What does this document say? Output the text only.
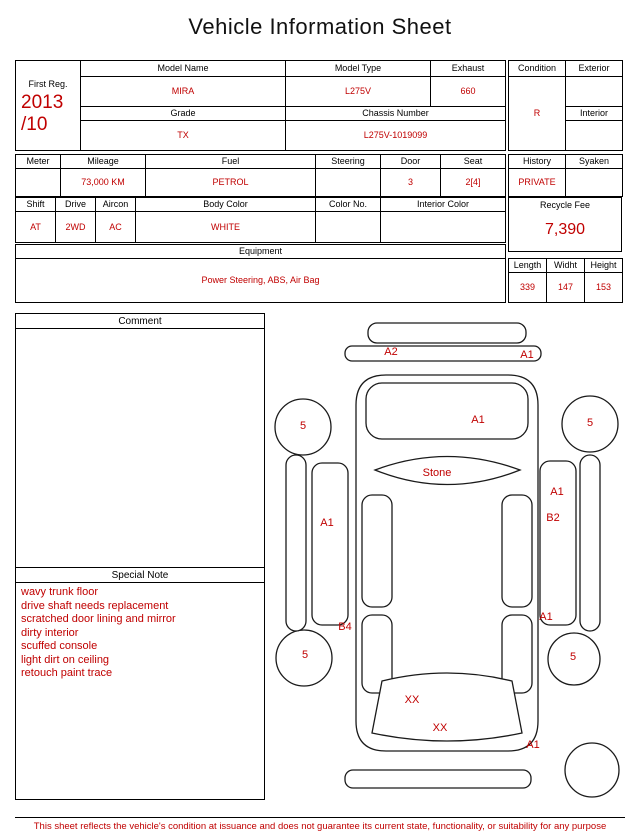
Vehicle Information Sheet
First Reg.
2013
/10	Model Name	Model Type	Exhaust
	MIRA	L275V	660
	Grade	Chassis Number	
	TX	L275V-1019099	
Condition	Exterior
R	
	Interior

Meter	Mileage	Fuel	Steering	Door	Seat
	73,000 KM	PETROL		3	2[4]
History	Syaken
PRIVATE	
Shift	Drive	Aircon	Body Color	Color No.	Interior Color
AT	2WD	AC	WHITE		
Recycle Fee
7,390
Equipment
Power Steering, ABS, Air Bag
Length	Widht	Height
339	147	153
Comment
Special Note
wavy trunk floor
drive shaft needs replacement
scratched door lining and mirror
dirty interior
scuffed console
light dirt on ceiling
retouch paint trace
A2	A1
5	A1	5
Stone
A1
B2
A1
B4
A1
5	5
XX
XX
A1
This sheet reflects the vehicle's condition at issuance and does not guarantee its current state, functionality, or suitability for any purpose
